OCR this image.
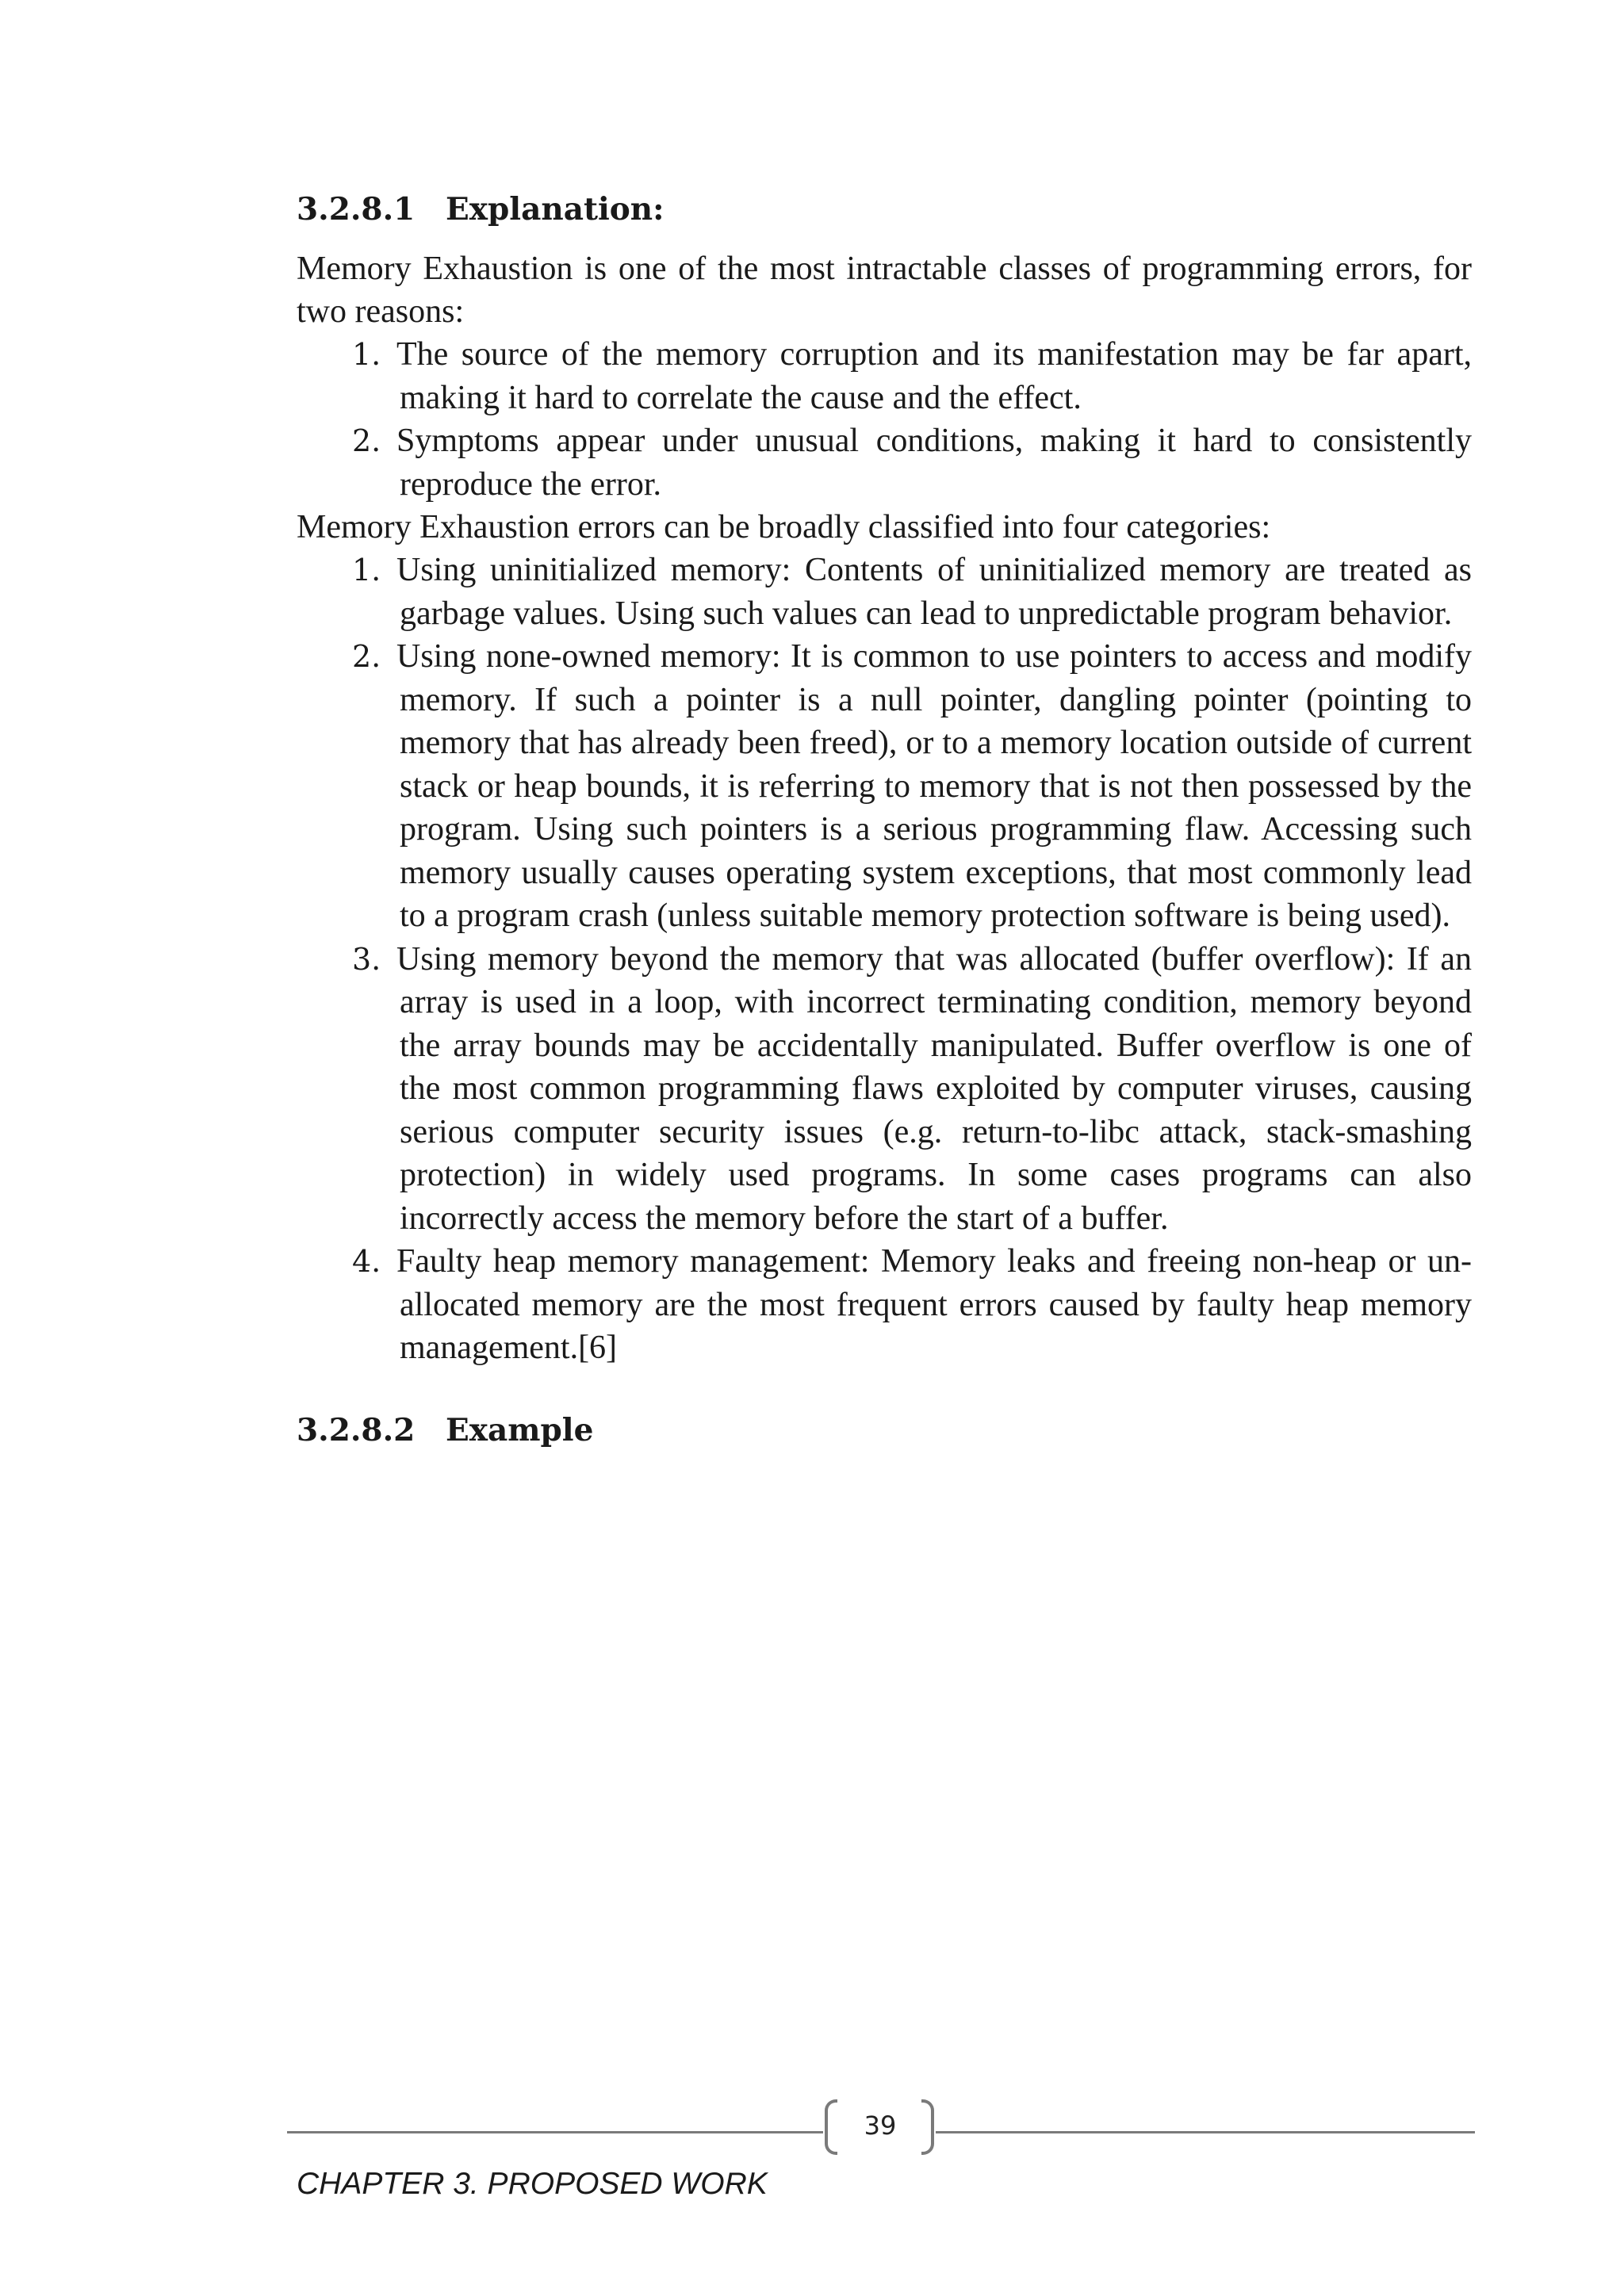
3.2.8.1 Explanation:

Memory Exhaustion is one of the most intractable classes of programming errors, for two reasons:

1. The source of the memory corruption and its manifestation may be far apart, making it hard to correlate the cause and the effect.
2. Symptoms appear under unusual conditions, making it hard to consistently reproduce the error.

Memory Exhaustion errors can be broadly classified into four categories:

1. Using uninitialized memory: Contents of uninitialized memory are treated as garbage values. Using such values can lead to unpredictable program behavior.
2. Using none-owned memory: It is common to use pointers to access and modify memory. If such a pointer is a null pointer, dangling pointer (pointing to memory that has already been freed), or to a memory location outside of current stack or heap bounds, it is referring to memory that is not then possessed by the program. Using such pointers is a serious programming flaw. Accessing such memory usually causes operating system exceptions, that most commonly lead to a program crash (unless suitable memory protection software is being used).
3. Using memory beyond the memory that was allocated (buffer overflow): If an array is used in a loop, with incorrect terminating condition, memory beyond the array bounds may be accidentally manipulated. Buffer overflow is one of the most common programming flaws exploited by computer viruses, causing serious computer security issues (e.g. return-to-libc attack, stack-smashing protection) in widely used programs. In some cases programs can also incorrectly access the memory before the start of a buffer.
4. Faulty heap memory management: Memory leaks and freeing non-heap or un-allocated memory are the most frequent errors caused by faulty heap memory management.[6]
3.2.8.2 Example
39
CHAPTER 3. PROPOSED WORK
